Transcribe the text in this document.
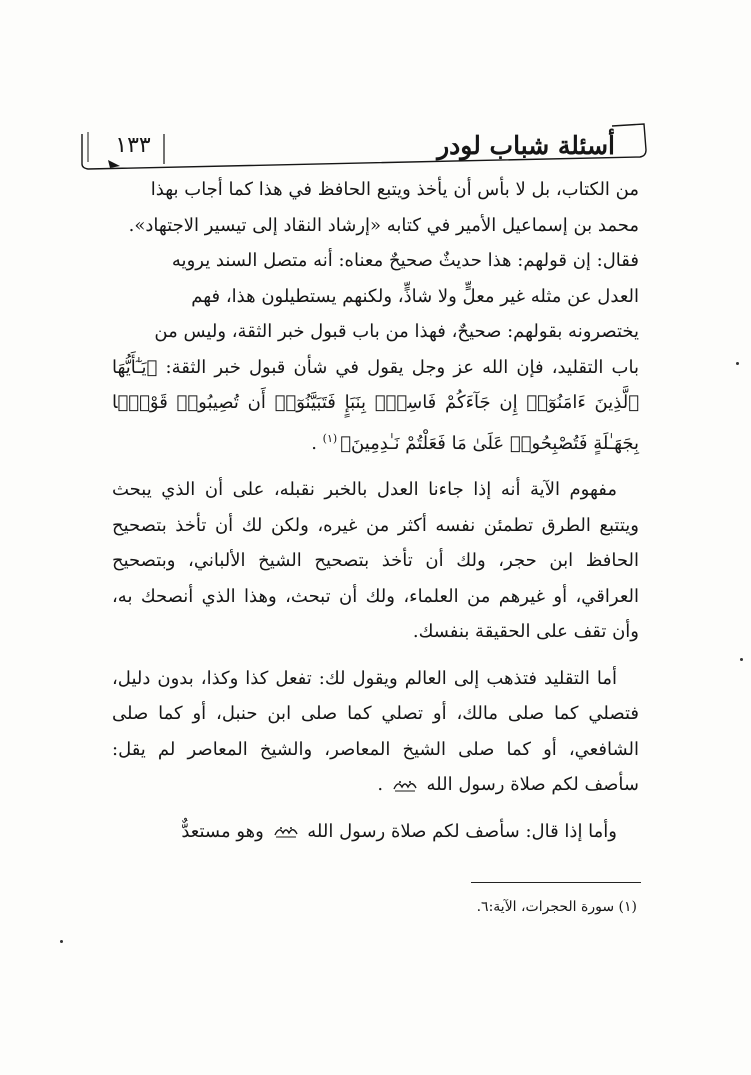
أسئلة شباب لودر
١٣٣

من الكتاب، بل لا بأس أن يأخذ ويتبع الحافظ في هذا كما أجاب بهذا
محمد بن إسماعيل الأمير في كتابه «إرشاد النقاد إلى تيسير الاجتهاد».
فقال: إن قولهم: هذا حديثٌ صحيحٌ معناه: أنه متصل السند يرويه
العدل عن مثله غير معلٍّ ولا شاذٍّ، ولكنهم يستطيلون هذا، فهم
يختصرونه بقولهم: صحيحٌ، فهذا من باب قبول خبر الثقة، وليس من
باب التقليد، فإن الله عز وجل يقول في شأن قبول خبر الثقة: ﴿يَـٰٓأَيُّهَا ٱلَّذِينَ ءَامَنُوٓا۟ إِن جَآءَكُمْ فَاسِقٌۢ بِنَبَإٍ فَتَبَيَّنُوٓا۟ أَن تُصِيبُوا۟ قَوْمًۢا بِجَهَـٰلَةٍ فَتُصْبِحُوا۟ عَلَىٰ مَا فَعَلْتُمْ نَـٰدِمِينَ﴾$^{(١)}$ .

مفهوم الآية أنه إذا جاءنا العدل بالخبر نقبله، على أن الذي يبحث ويتتبع الطرق تطمئن نفسه أكثر من غيره، ولكن لك أن تأخذ بتصحيح الحافظ ابن حجر، ولك أن تأخذ بتصحيح الشيخ الألباني، وبتصحيح العراقي، أو غيرهم من العلماء، ولك أن تبحث، وهذا الذي أنصحك به، وأن تقف على الحقيقة بنفسك.

أما التقليد فتذهب إلى العالم ويقول لك: تفعل كذا وكذا، بدون دليل، فتصلي كما صلى مالك، أو تصلي كما صلى ابن حنبل، أو كما صلى الشافعي، أو كما صلى الشيخ المعاصر، والشيخ المعاصر لم يقل: سأصف لكم صلاة رسول الله  .

وأما إذا قال: سأصف لكم صلاة رسول الله  وهو مستعدٌّ

(١) سورة الحجرات، الآية:٦.
